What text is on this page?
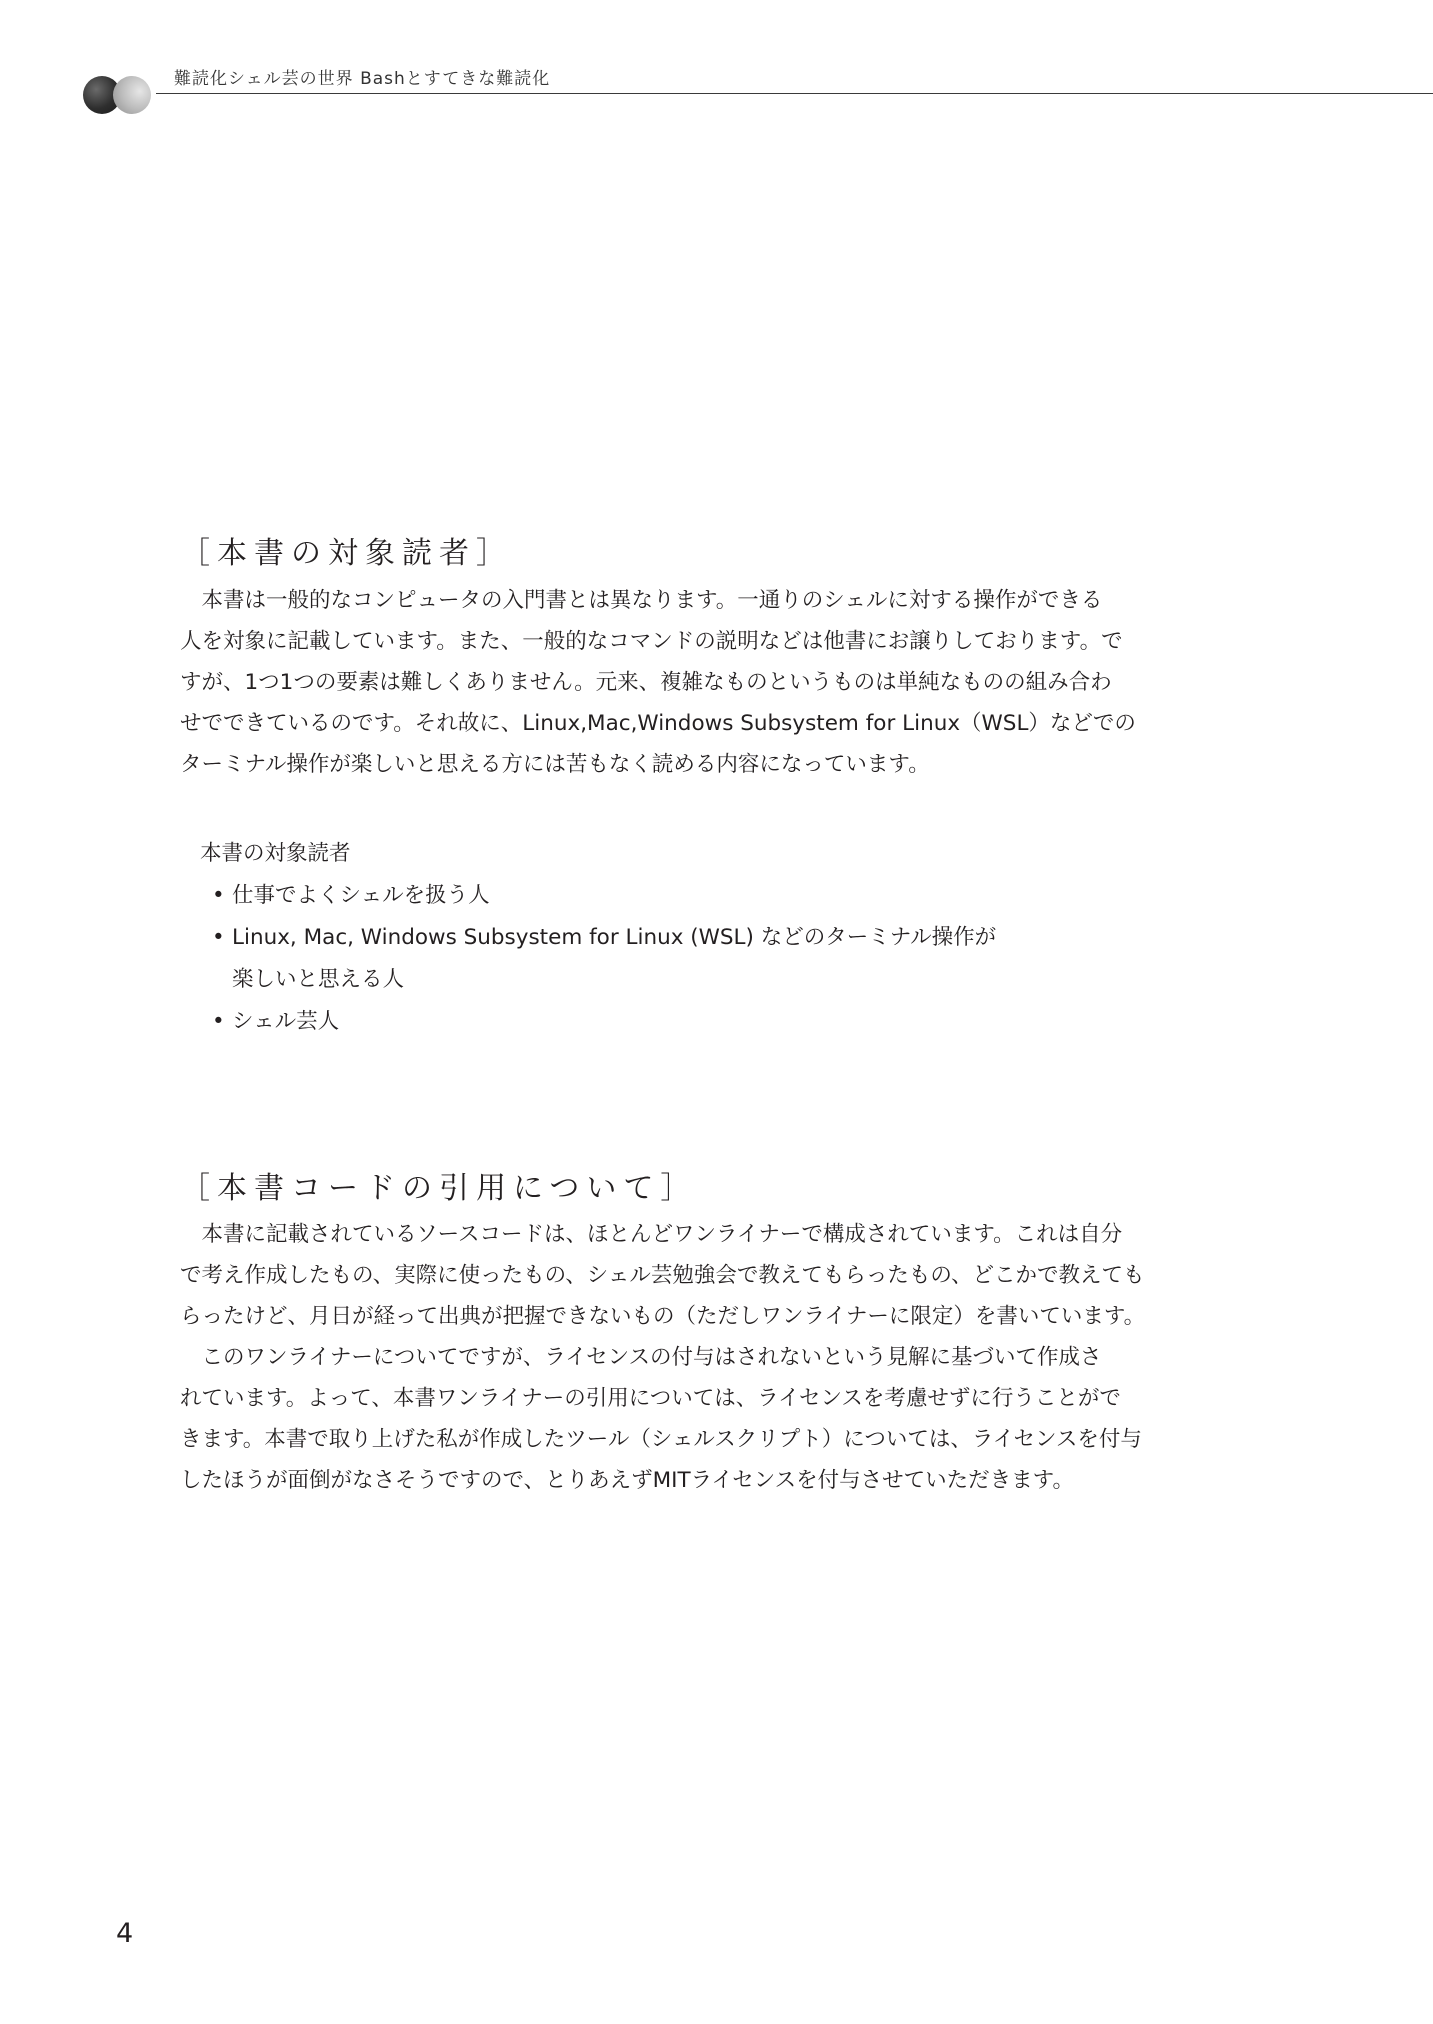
難読化シェル芸の世界 Bashとすてきな難読化
［本書の対象読者］
　本書は一般的なコンピュータの入門書とは異なります。一通りのシェルに対する操作ができる
人を対象に記載しています。また、一般的なコマンドの説明などは他書にお譲りしております。で
すが、1つ1つの要素は難しくありません。元来、複雑なものというものは単純なものの組み合わ
せでできているのです。それ故に、Linux,Mac,Windows Subsystem for Linux（WSL）などでの
ターミナル操作が楽しいと思える方には苦もなく読める内容になっています。
本書の対象読者
• 仕事でよくシェルを扱う人
• Linux, Mac, Windows Subsystem for Linux (WSL) などのターミナル操作が
楽しいと思える人
• シェル芸人
［本書コードの引用について］
　本書に記載されているソースコードは、ほとんどワンライナーで構成されています。これは自分
で考え作成したもの、実際に使ったもの、シェル芸勉強会で教えてもらったもの、どこかで教えても
らったけど、月日が経って出典が把握できないもの（ただしワンライナーに限定）を書いています。
　このワンライナーについてですが、ライセンスの付与はされないという見解に基づいて作成さ
れています。よって、本書ワンライナーの引用については、ライセンスを考慮せずに行うことがで
きます。本書で取り上げた私が作成したツール（シェルスクリプト）については、ライセンスを付与
したほうが面倒がなさそうですので、とりあえずMITライセンスを付与させていただきます。
4
